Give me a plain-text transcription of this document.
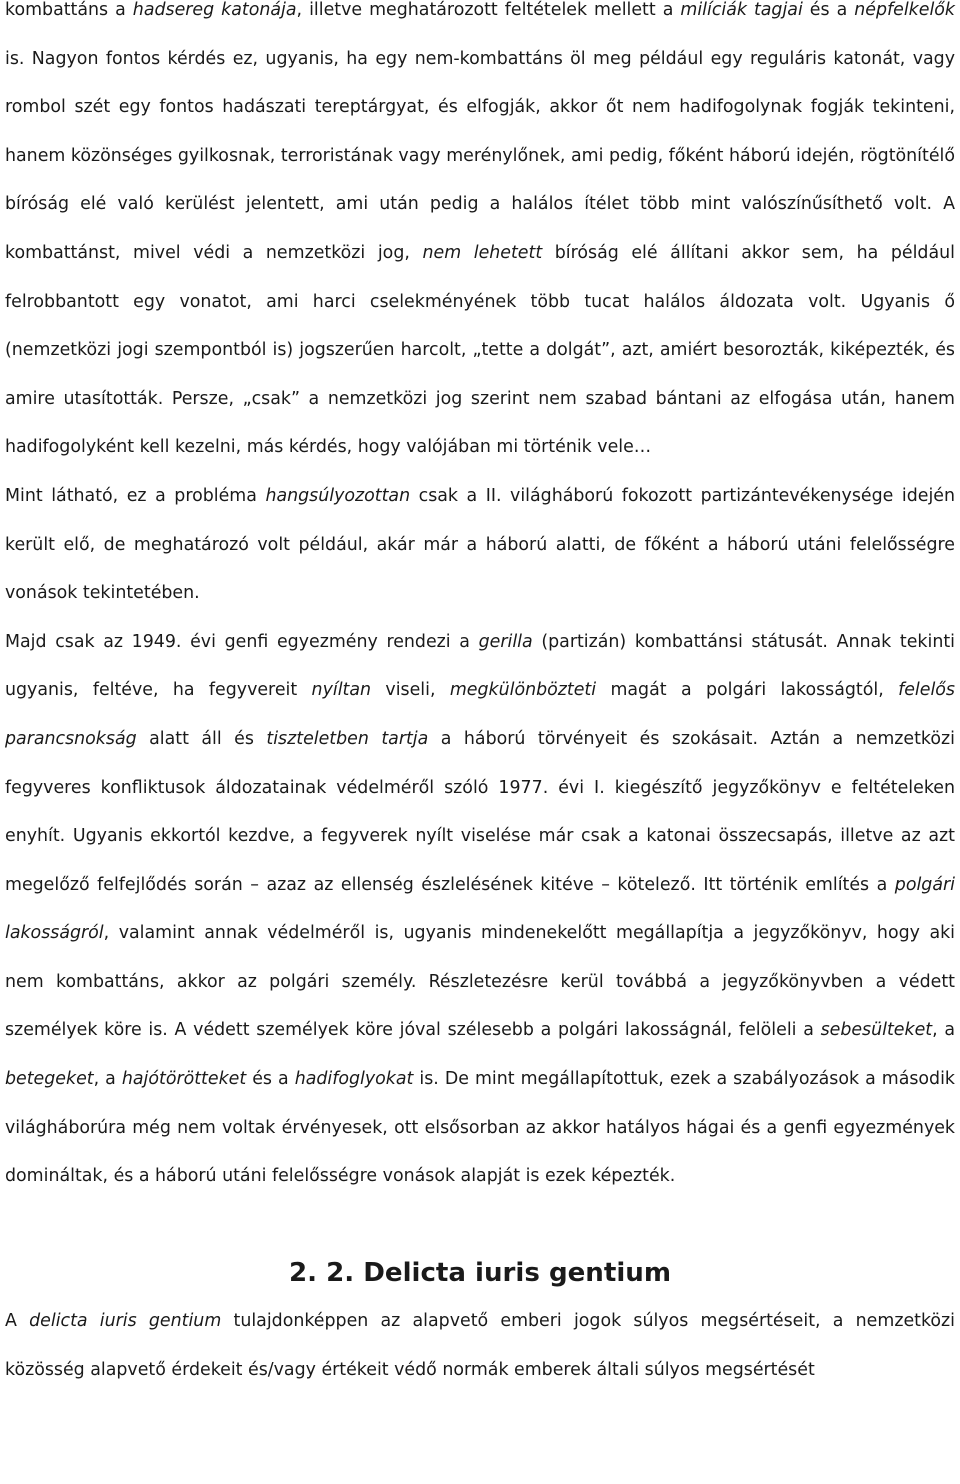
kombattáns a hadsereg katonája, illetve meghatározott feltételek mellett a milíciák tagjai és a népfelkelők is. Nagyon fontos kérdés ez, ugyanis, ha egy nem-kombattáns öl meg például egy reguláris katonát, vagy rombol szét egy fontos hadászati tereptárgyat, és elfogják, akkor őt nem hadifogolynak fogják tekinteni, hanem közönséges gyilkosnak, terroristának vagy merénylőnek, ami pedig, főként háború idején, rögtönítélő bíróság elé való kerülést jelentett, ami után pedig a halálos ítélet több mint valószínűsíthető volt. A kombattánst, mivel védi a nemzetközi jog, nem lehetett bíróság elé állítani akkor sem, ha például felrobbantott egy vonatot, ami harci cselekményének több tucat halálos áldozata volt. Ugyanis ő (nemzetközi jogi szempontból is) jogszerűen harcolt, „tette a dolgát”, azt, amiért besorozták, kiképezték, és amire utasították. Persze, „csak” a nemzetközi jog szerint nem szabad bántani az elfogása után, hanem hadifogolyként kell kezelni, más kérdés, hogy valójában mi történik vele…

Mint látható, ez a probléma hangsúlyozottan csak a II. világháború fokozott partizántevékenysége idején került elő, de meghatározó volt például, akár már a háború alatti, de főként a háború utáni felelősségre vonások tekintetében.

Majd csak az 1949. évi genfi egyezmény rendezi a gerilla (partizán) kombattánsi státusát. Annak tekinti ugyanis, feltéve, ha fegyvereit nyíltan viseli, megkülönbözteti magát a polgári lakosságtól, felelős parancsnokság alatt áll és tiszteletben tartja a háború törvényeit és szokásait. Aztán a nemzetközi fegyveres konfliktusok áldozatainak védelméről szóló 1977. évi I. kiegészítő jegyzőkönyv e feltételeken enyhít. Ugyanis ekkortól kezdve, a fegyverek nyílt viselése már csak a katonai összecsapás, illetve az azt megelőző felfejlődés során – azaz az ellenség észlelésének kitéve – kötelező. Itt történik említés a polgári lakosságról, valamint annak védelméről is, ugyanis mindenekelőtt megállapítja a jegyzőkönyv, hogy aki nem kombattáns, akkor az polgári személy. Részletezésre kerül továbbá a jegyzőkönyvben a védett személyek köre is. A védett személyek köre jóval szélesebb a polgári lakosságnál, felöleli a sebesülteket, a betegeket, a hajótörötteket és a hadifoglyokat is. De mint megállapítottuk, ezek a szabályozások a második világháborúra még nem voltak érvényesek, ott elsősorban az akkor hatályos hágai és a genfi egyezmények domináltak, és a háború utáni felelősségre vonások alapját is ezek képezték.

2. 2. Delicta iuris gentium

A delicta iuris gentium tulajdonképpen az alapvető emberi jogok súlyos megsértéseit, a nemzetközi közösség alapvető érdekeit és/vagy értékeit védő normák emberek általi súlyos megsértését
